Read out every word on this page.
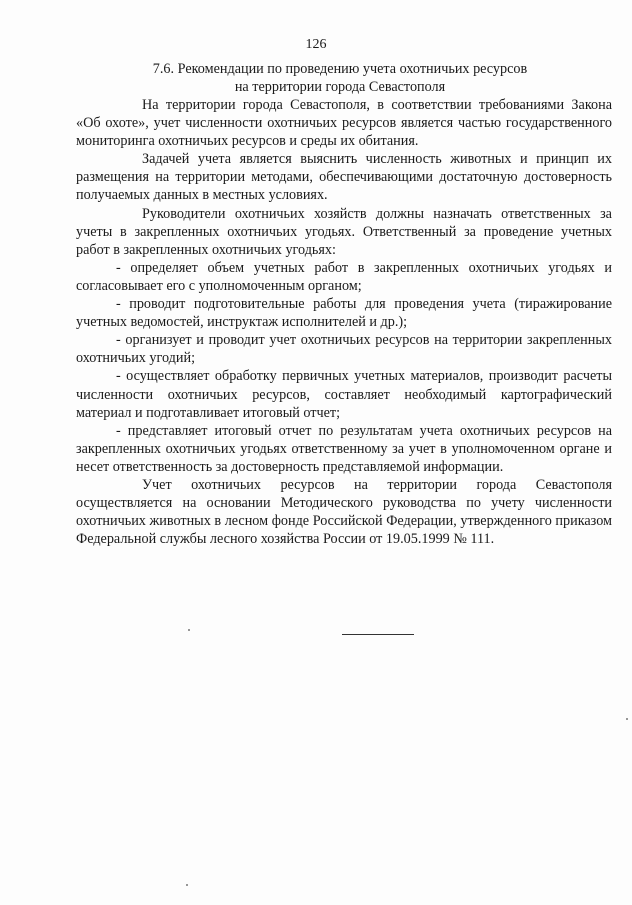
126
7.6. Рекомендации по проведению учета охотничьих ресурсов
на территории города Севастополя

На территории города Севастополя, в соответствии требованиями Закона «Об охоте», учет численности охотничьих ресурсов является частью государственного мониторинга охотничьих ресурсов и среды их обитания.

Задачей учета является выяснить численность животных и принцип их размещения на территории методами, обеспечивающими достаточную достоверность получаемых данных в местных условиях.

Руководители охотничьих хозяйств должны назначать ответственных за учеты в закрепленных охотничьих угодьях. Ответственный за проведение учетных работ в закрепленных охотничьих угодьях:

- определяет объем учетных работ в закрепленных охотничьих угодьях и согласовывает его с уполномоченным органом;

- проводит подготовительные работы для проведения учета (тиражирование учетных ведомостей, инструктаж исполнителей и др.);

- организует и проводит учет охотничьих ресурсов на территории закрепленных охотничьих угодий;

- осуществляет обработку первичных учетных материалов, производит расчеты численности охотничьих ресурсов, составляет необходимый картографический материал и подготавливает итоговый отчет;

- представляет итоговый отчет по результатам учета охотничьих ресурсов на закрепленных охотничьих угодьях ответственному за учет в уполномоченном органе и несет ответственность за достоверность представляемой информации.

Учет охотничьих ресурсов на территории города Севастополя осуществляется на основании Методического руководства по учету численности охотничьих животных в лесном фонде Российской Федерации, утвержденного приказом Федеральной службы лесного хозяйства России от 19.05.1999 № 111.
